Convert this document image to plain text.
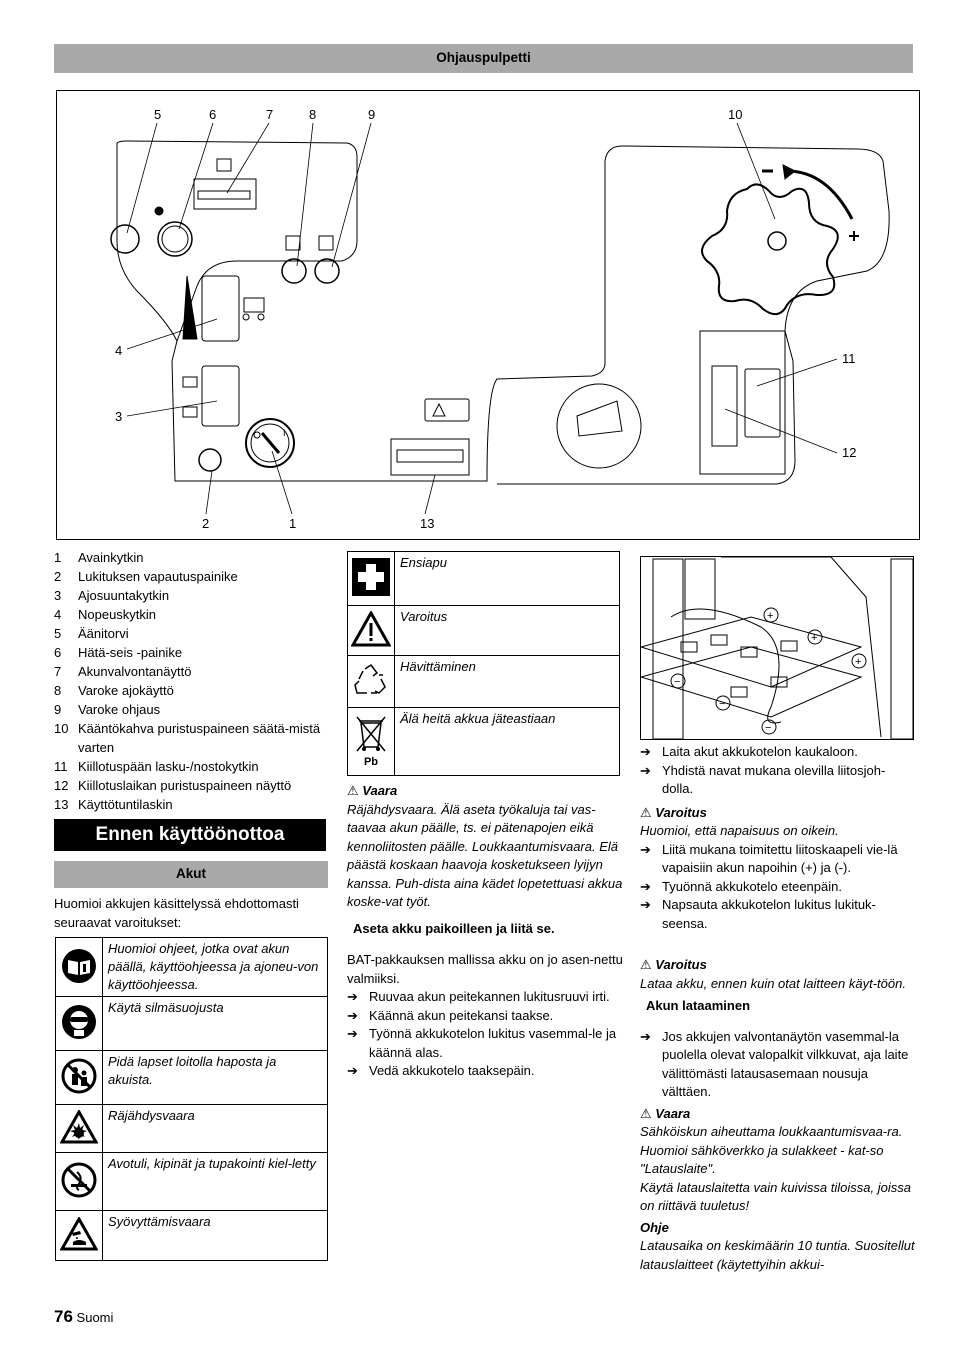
Ohjauspulpetti
I
5	6	7	8	9	10
4
3
11
12
2	1	13
1	Avainkytkin
2	Lukituksen vapautuspainike
3	Ajosuuntakytkin
4	Nopeuskytkin
5	Äänitorvi
6	Hätä-seis -painike
7	Akunvalvontanäyttö
8	Varoke ajokäyttö
9	Varoke ohjaus
10 Kääntökahva puristuspaineen säätä-mistä varten
11 Kiillotuspään lasku-/nostokytkin
12 Kiillotuslaikan puristuspaineen näyttö
13 Käyttötuntilaskin
Ennen käyttöönottoa
Akut
Huomioi akkujen käsittelyssä ehdottomasti seuraavat varoitukset:
	Huomioi ohjeet, jotka ovat akun päällä, käyttöohjeessa ja ajoneu-von käyttöohjeessa.
	Käytä silmäsuojusta
	Pidä lapset loitolla haposta ja akuista.
	Räjähdysvaara
	Avotuli, kipinät ja tupakointi kiel-letty
	Syövyttämisvaara
	Ensiapu
	Varoitus
	Hävittäminen

Pb	Älä heitä akkua jäteastiaan
⚠ Vaara
Räjähdysvaara. Älä aseta työkaluja tai vas-taavaa akun päälle, ts. ei pätenapojen eikä kennoliitosten päälle. Loukkaantumisvaara. Elä päästä koskaan haavoja kosketukseen lyijyn kanssa. Puh-dista aina kädet lopetettuasi akkua koske-vat työt.
Aseta akku paikoilleen ja liitä se.
BAT-pakkauksen mallissa akku on jo asen-nettu valmiiksi.
➔ Ruuvaa akun peitekannen lukitusruuvi irti.
➔ Käännä akun peitekansi taakse.
➔ Työnnä akkukotelon lukitus vasemmal-le ja käännä alas.
➔ Vedä akkukotelo taaksepäin.
+
+
+
−
−
−
➔ Laita akut akkukotelon kaukaloon.
➔ Yhdistä navat mukana olevilla liitosjoh-dolla.
⚠ Varoitus
Huomioi, että napaisuus on oikein.
➔ Liitä mukana toimitettu liitoskaapeli vie-lä vapaisiin akun napoihin (+) ja (-).
➔ Tyuönnä akkukotelo eteenpäin.
➔ Napsauta akkukotelon lukitus lukituk-seensa.
⚠ Varoitus
Lataa akku, ennen kuin otat laitteen käyt-töön.
Akun lataaminen
➔ Jos akkujen valvontanäytön vasemmal-la puolella olevat valopalkit vilkkuvat, aja laite välittömästi latausasemaan nousuja välttäen.
⚠ Vaara
Sähköiskun aiheuttama loukkaantumisvaa-ra. Huomioi sähköverkko ja sulakkeet - kat-so "Latauslaite".
Käytä latauslaitetta vain kuivissa tiloissa, joissa on riittävä tuuletus!
Ohje
Latausaika on keskimäärin 10 tuntia. Suositellut latauslaitteet (käytettyihin akkui-
76 Suomi
